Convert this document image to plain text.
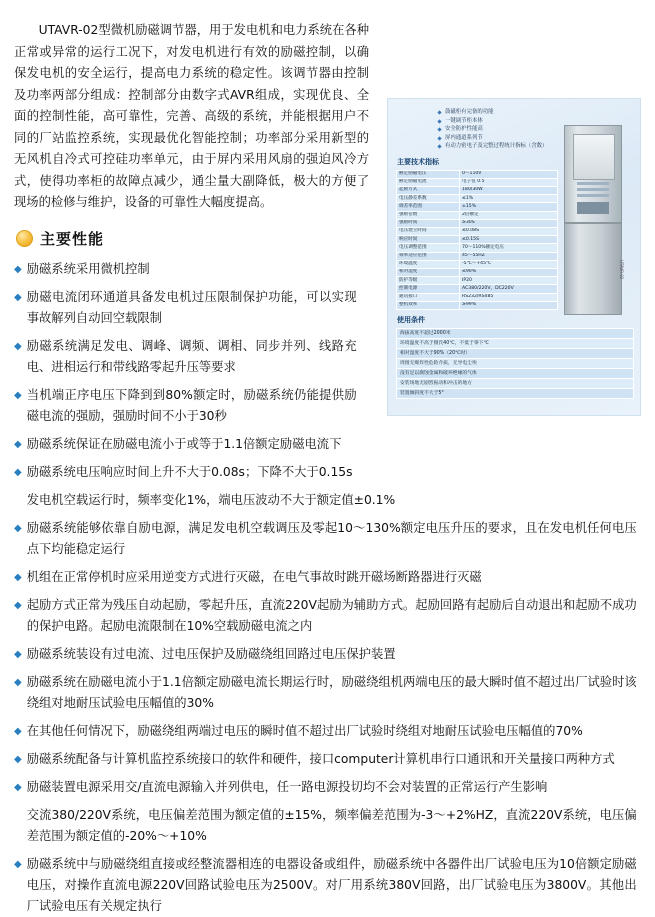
鼓磁柜有完备的功能
一键调节柜本体
安全防护性能高
屏内通道系列节
有动力密电子及完整过程统计指标（含数）
主要技术指标
额定励磁电压	0～110V
额定励磁电流	电子仪 0.5
起励方式	180/30W
电压静差系数	≤1%
调差率范围	±15%
强励倍数	2倍额定
强励时间	≥30S
电压建立时间	≤0.08S
响应时间	≤0.15S
电压调整范围	70～110%额定电压
频率适应范围	45～55HZ
环境温度	-5℃～+45℃
相对湿度	≤90%
防护等级	IP20
控制电源	AC380/220V、DC220V
通讯接口	RS232/RS485
整机效率	≥99%
使用条件
海拔高度不超过2000米
环境温度不高于摄氏40℃，不低于零下℃
相对湿度不大于90%（20℃时）
周围无爆炸性危险介质，无导电尘埃
没有足以腐蚀金属和破坏绝缘的气体
安装场地无剧烈振动和冲击的地方
装置倾斜度不大于5°
UTAVR-02

UTAVR-02型微机励磁调节器，用于发电机和电力系统在各种正常或异常的运行工况下，对发电机进行有效的励磁控制，以确保发电机的安全运行，提高电力系统的稳定性。该调节器由控制及功率两部分组成：控制部分由数字式AVR组成，实现优良、全面的控制性能，高可靠性，完善、高级的系统，并能根据用户不同的厂站监控系统，实现最优化智能控制；功率部分采用新型的无风机自冷式可控硅功率单元，由于屏内采用风扇的强迫风冷方式，使得功率柜的故障点减少，通尘量大副降低，极大的方便了现场的检修与维护，设备的可靠性大幅度提高。

主要性能
◆ 励磁系统采用微机控制
◆ 励磁电流闭环通道具备发电机过压限制保护功能，可以实现事故解列自动回空载限制
◆ 励磁系统满足发电、调峰、调频、调相、同步并列、线路充电、进相运行和带线路零起升压等要求
◆ 当机端正序电压下降到到80%额定时，励磁系统仍能提供励磁电流的强励，强励时间不小于30秒
◆ 励磁系统保证在励磁电流小于或等于1.1倍额定励磁电流下
◆ 励磁系统电压响应时间上升不大于0.08s；下降不大于0.15s
发电机空载运行时，频率变化1%，端电压波动不大于额定值±0.1%
◆ 励磁系统能够依靠自励电源，满足发电机空载调压及零起10～130%额定电压升压的要求，且在发电机任何电压点下均能稳定运行
◆ 机组在正常停机时应采用逆变方式进行灭磁，在电气事故时跳开磁场断路器进行灭磁
◆ 起励方式正常为残压自动起励，零起升压，直流220V起励为辅助方式。起励回路有起励后自动退出和起励不成功的保护电路。起励电流限制在10%空载励磁电流之内
◆ 励磁系统装设有过电流、过电压保护及励磁绕组回路过电压保护装置
◆ 励磁系统在励磁电流小于1.1倍额定励磁电流长期运行时，励磁绕组机两端电压的最大瞬时值不超过出厂试验时该绕组对地耐压试验电压幅值的30%
◆ 在其他任何情况下，励磁绕组两端过电压的瞬时值不超过出厂试验时绕组对地耐压试验电压幅值的70%
◆ 励磁系统配备与计算机监控系统接口的软件和硬件，接口computer计算机串行口通讯和开关量接口两种方式
◆ 励磁装置电源采用交/直流电源输入并列供电，任一路电源投切均不会对装置的正常运行产生影响
交流380/220V系统，电压偏差范围为额定值的±15%，频率偏差范围为-3～+2%HZ，直流220V系统，电压偏差范围为额定值的-20%～+10%
◆ 励磁系统中与励磁绕组直接或经整流器相连的电器设备或组件，励磁系统中各器件出厂试验电压为10倍额定励磁电压，对操作直流电源220V回路试验电压为2500V。对厂用系统380V回路，出厂试验电压为3800V。其他出厂试验电压有关规定执行
